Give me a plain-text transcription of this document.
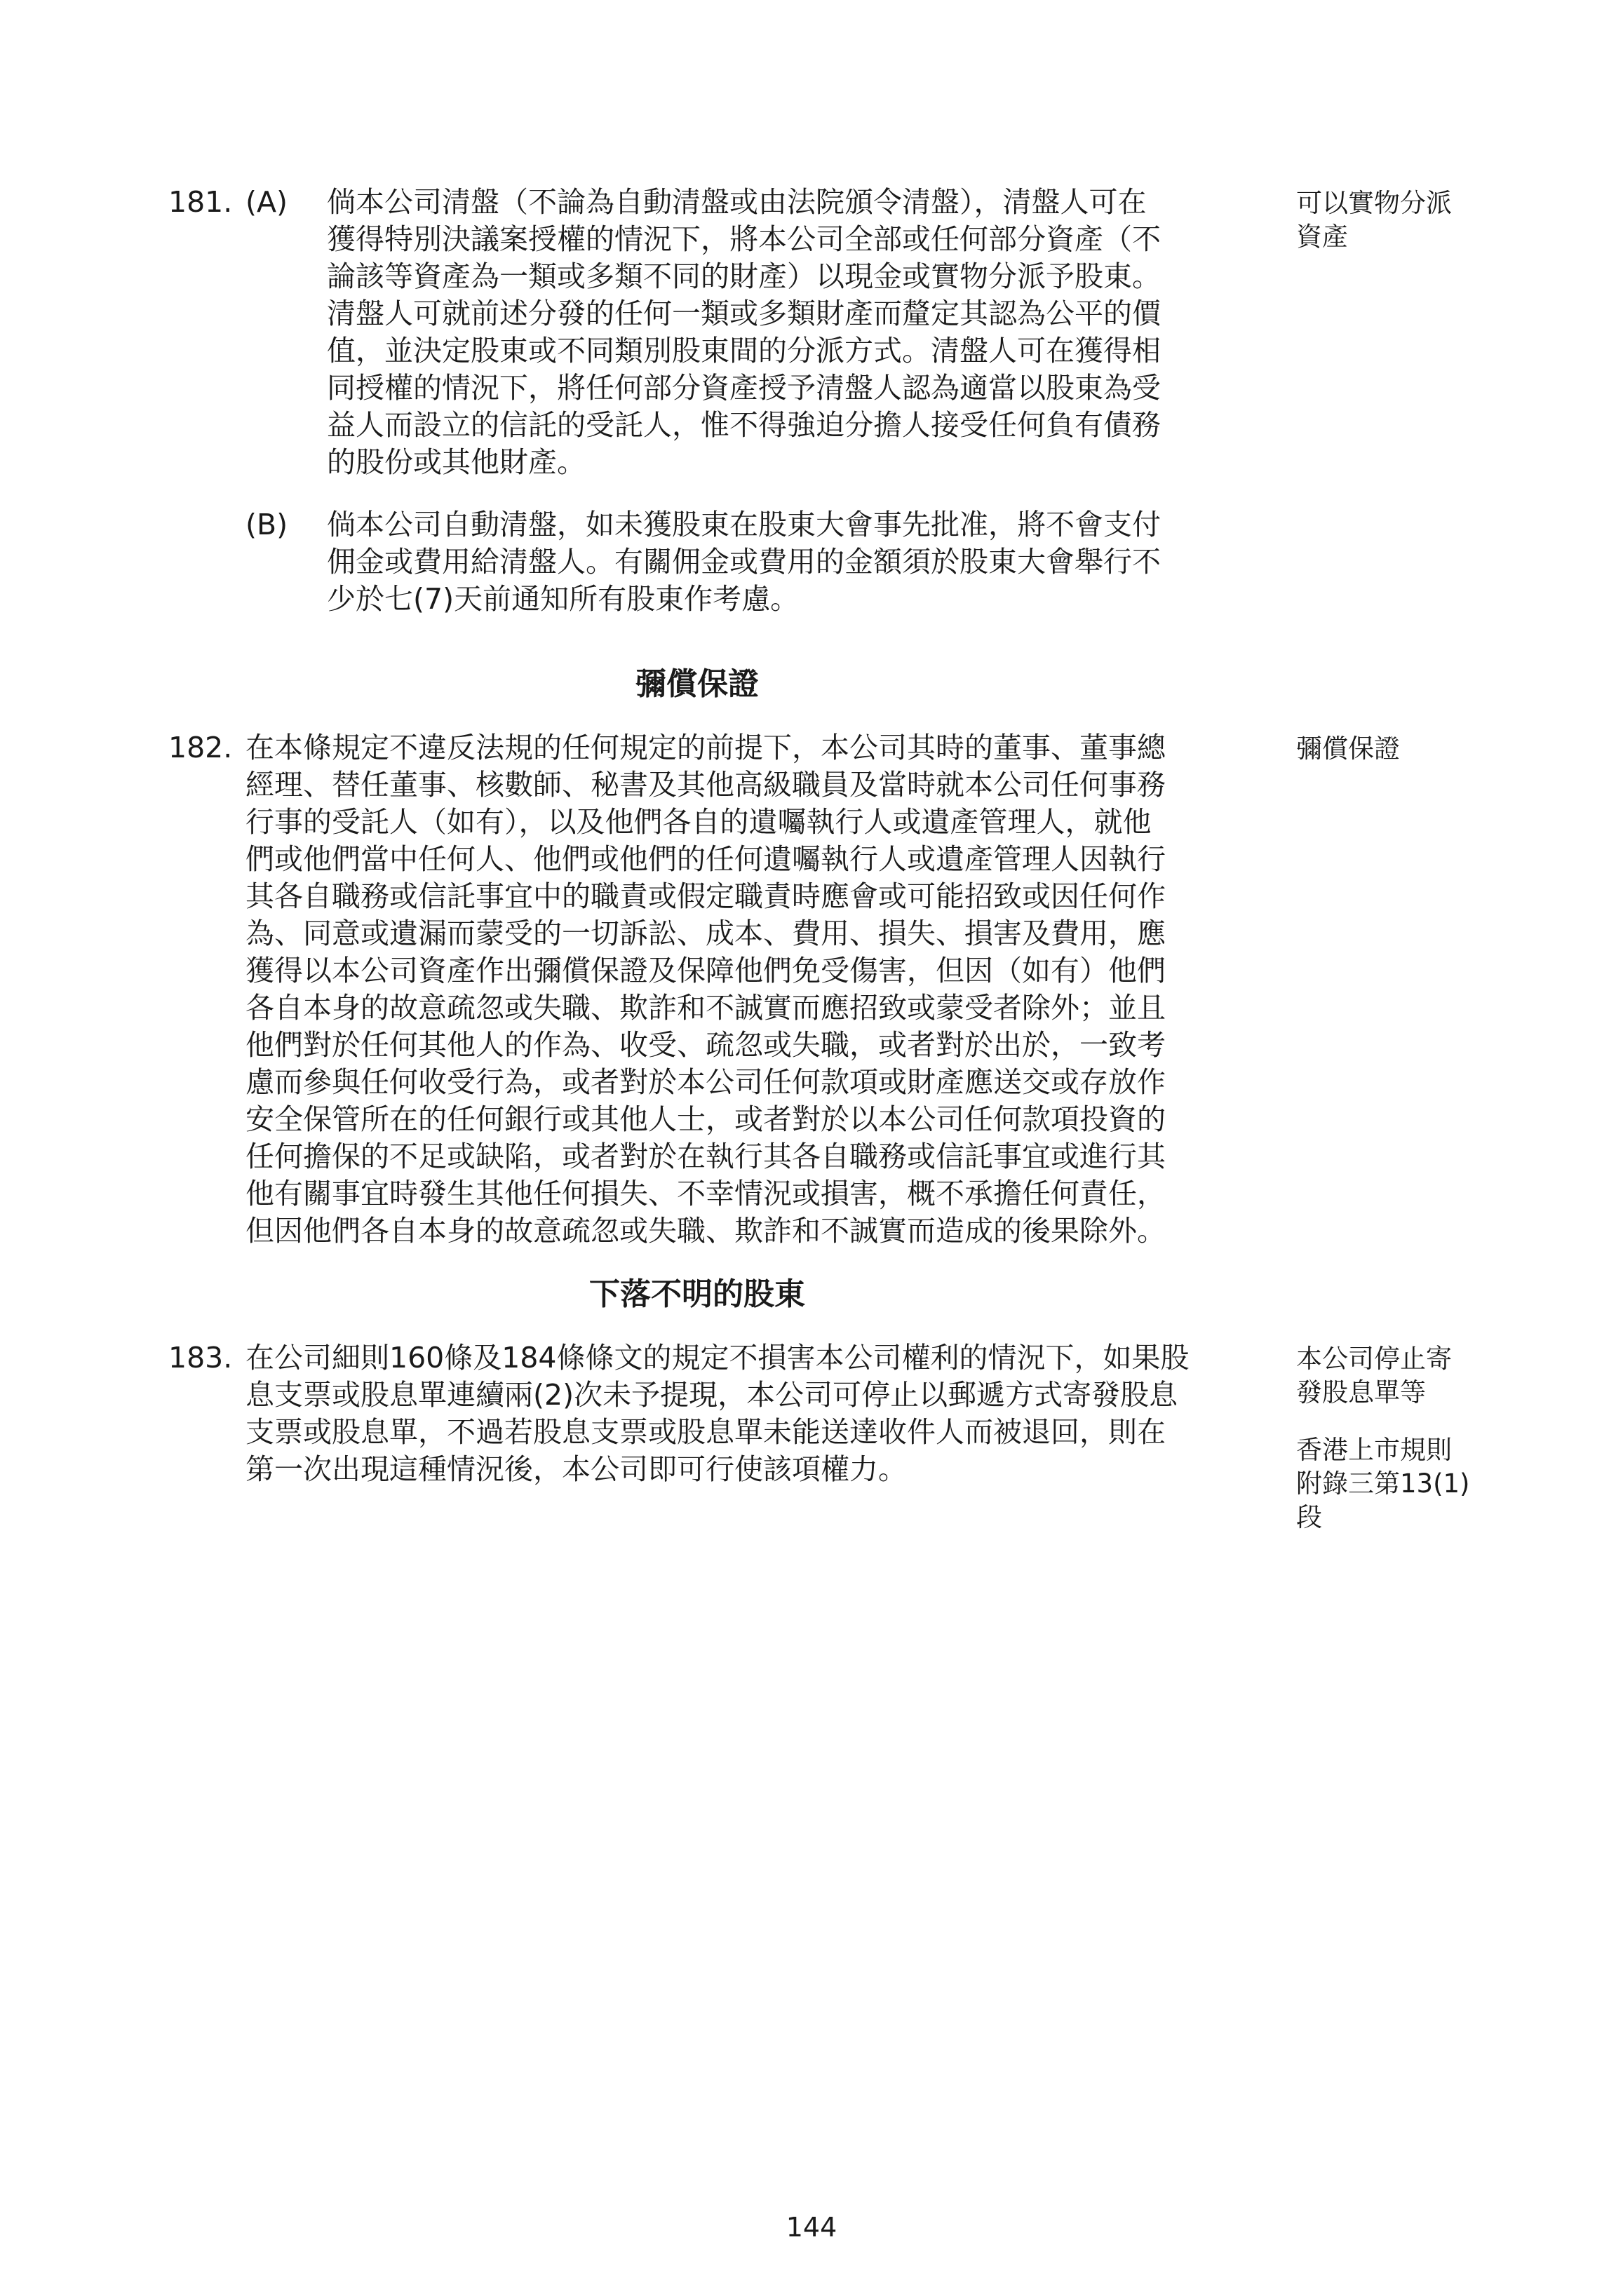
181. (A)	倘本公司清盤（不論為自動清盤或由法院頒令清盤），清盤人可在
獲得特別決議案授權的情況下，將本公司全部或任何部分資產（不
論該等資產為一類或多類不同的財產）以現金或實物分派予股東。
清盤人可就前述分發的任何一類或多類財產而釐定其認為公平的價
值，並決定股東或不同類別股東間的分派方式。清盤人可在獲得相
同授權的情況下，將任何部分資產授予清盤人認為適當以股東為受
益人而設立的信託的受託人，惟不得強迫分擔人接受任何負有債務
的股份或其他財產。
可以實物分派
資產
(B)	倘本公司自動清盤，如未獲股東在股東大會事先批准，將不會支付
佣金或費用給清盤人。有關佣金或費用的金額須於股東大會舉行不
少於七(7)天前通知所有股東作考慮。
彌償保證
182. 在本條規定不違反法規的任何規定的前提下，本公司其時的董事、董事總
經理、替任董事、核數師、秘書及其他高級職員及當時就本公司任何事務
行事的受託人（如有），以及他們各自的遺囑執行人或遺產管理人，就他
們或他們當中任何人、他們或他們的任何遺囑執行人或遺產管理人因執行
其各自職務或信託事宜中的職責或假定職責時應會或可能招致或因任何作
為、同意或遺漏而蒙受的一切訴訟、成本、費用、損失、損害及費用，應
獲得以本公司資產作出彌償保證及保障他們免受傷害，但因（如有）他們
各自本身的故意疏忽或失職、欺詐和不誠實而應招致或蒙受者除外；並且
他們對於任何其他人的作為、收受、疏忽或失職，或者對於出於，一致考
慮而參與任何收受行為，或者對於本公司任何款項或財產應送交或存放作
安全保管所在的任何銀行或其他人士，或者對於以本公司任何款項投資的
任何擔保的不足或缺陷，或者對於在執行其各自職務或信託事宜或進行其
他有關事宜時發生其他任何損失、不幸情況或損害，概不承擔任何責任，
但因他們各自本身的故意疏忽或失職、欺詐和不誠實而造成的後果除外。
彌償保證
下落不明的股東
183. 在公司細則160條及184條條文的規定不損害本公司權利的情況下，如果股
息支票或股息單連續兩(2)次未予提現，本公司可停止以郵遞方式寄發股息
支票或股息單，不過若股息支票或股息單未能送達收件人而被退回，則在
第一次出現這種情況後，本公司即可行使該項權力。
本公司停止寄
發股息單等
香港上市規則
附錄三第13(1)
段
144
